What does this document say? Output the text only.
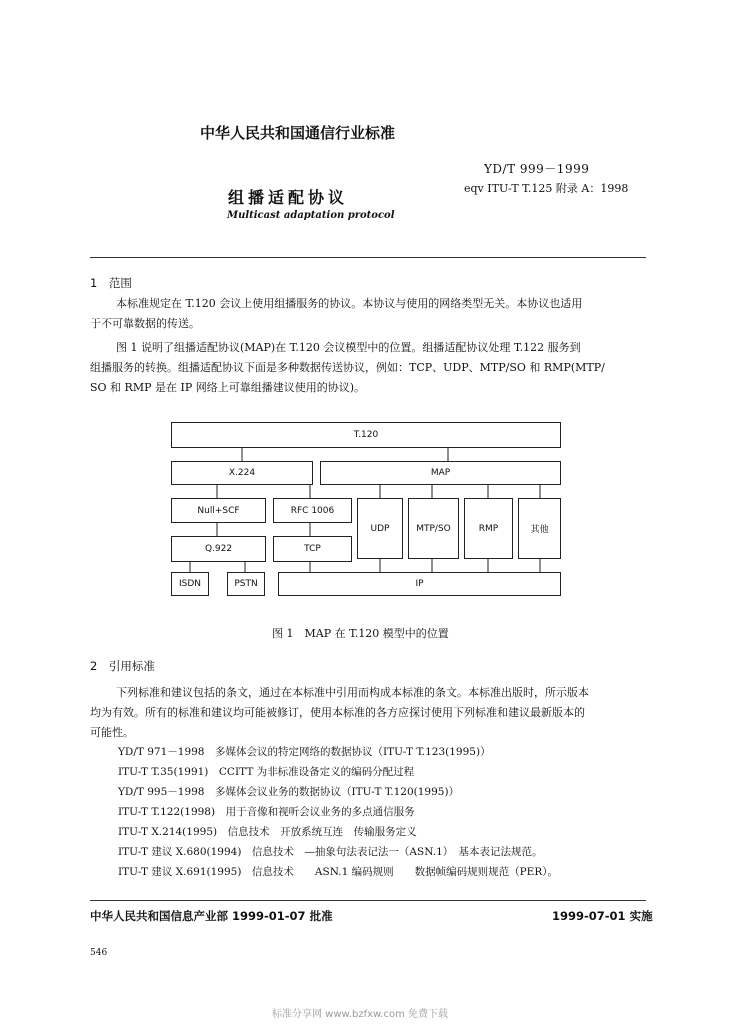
中华人民共和国通信行业标准
YD/T 999－1999
eqv ITU-T T.125 附录 A：1998
组播适配协议
Multicast adaptation protocol
1　范围
本标准规定在 T.120 会议上使用组播服务的协议。本协议与使用的网络类型无关。本协议也适用
于不可靠数据的传送。
图 1 说明了组播适配协议(MAP)在 T.120 会议模型中的位置。组播适配协议处理 T.122 服务到
组播服务的转换。组播适配协议下面是多种数据传送协议，例如：TCP、UDP、MTP/SO 和 RMP(MTP/
SO 和 RMP 是在 IP 网络上可靠组播建议使用的协议)。
T.120
X.224	MAP
Null+SCF	RFC 1006
UDP	MTP/SO	RMP	其他
Q.922	TCP
ISDN	PSTN	IP
图 1　MAP 在 T.120 模型中的位置
2　引用标准
下列标准和建议包括的条文，通过在本标准中引用而构成本标准的条文。本标准出版时，所示版本
均为有效。所有的标准和建议均可能被修订，使用本标准的各方应探讨使用下列标准和建议最新版本的
可能性。
YD/T 971－1998　多媒体会议的特定网络的数据协议（ITU-T T.123(1995)）
ITU-T T.35(1991)　CCITT 为非标准设备定义的编码分配过程
YD/T 995－1998　多媒体会议业务的数据协议（ITU-T T.120(1995)）
ITU-T T.122(1998)　用于音像和视听会议业务的多点通信服务
ITU-T X.214(1995)　信息技术　开放系统互连　传输服务定义
ITU-T 建议 X.680(1994)　信息技术　—抽象句法表记法一（ASN.1）　基本表记法规范。
ITU-T 建议 X.691(1995)　信息技术　　ASN.1 编码规则　　数据帧编码规则规范（PER）。
中华人民共和国信息产业部 1999-01-07 批准	1999-07-01 实施
546
标准分享网 www.bzfxw.com 免费下载
